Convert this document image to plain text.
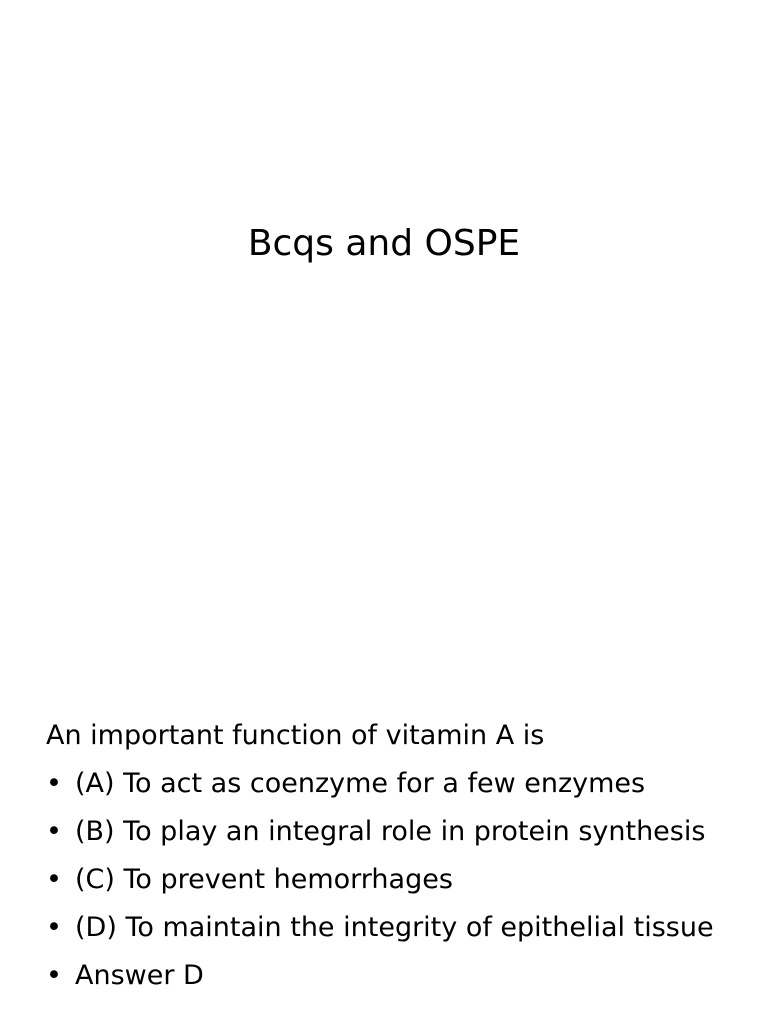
Bcqs and OSPE

An important function of vitamin A is

• (A) To act as coenzyme for a few enzymes
• (B) To play an integral role in protein synthesis
• (C) To prevent hemorrhages
• (D) To maintain the integrity of epithelial tissue
• Answer D
